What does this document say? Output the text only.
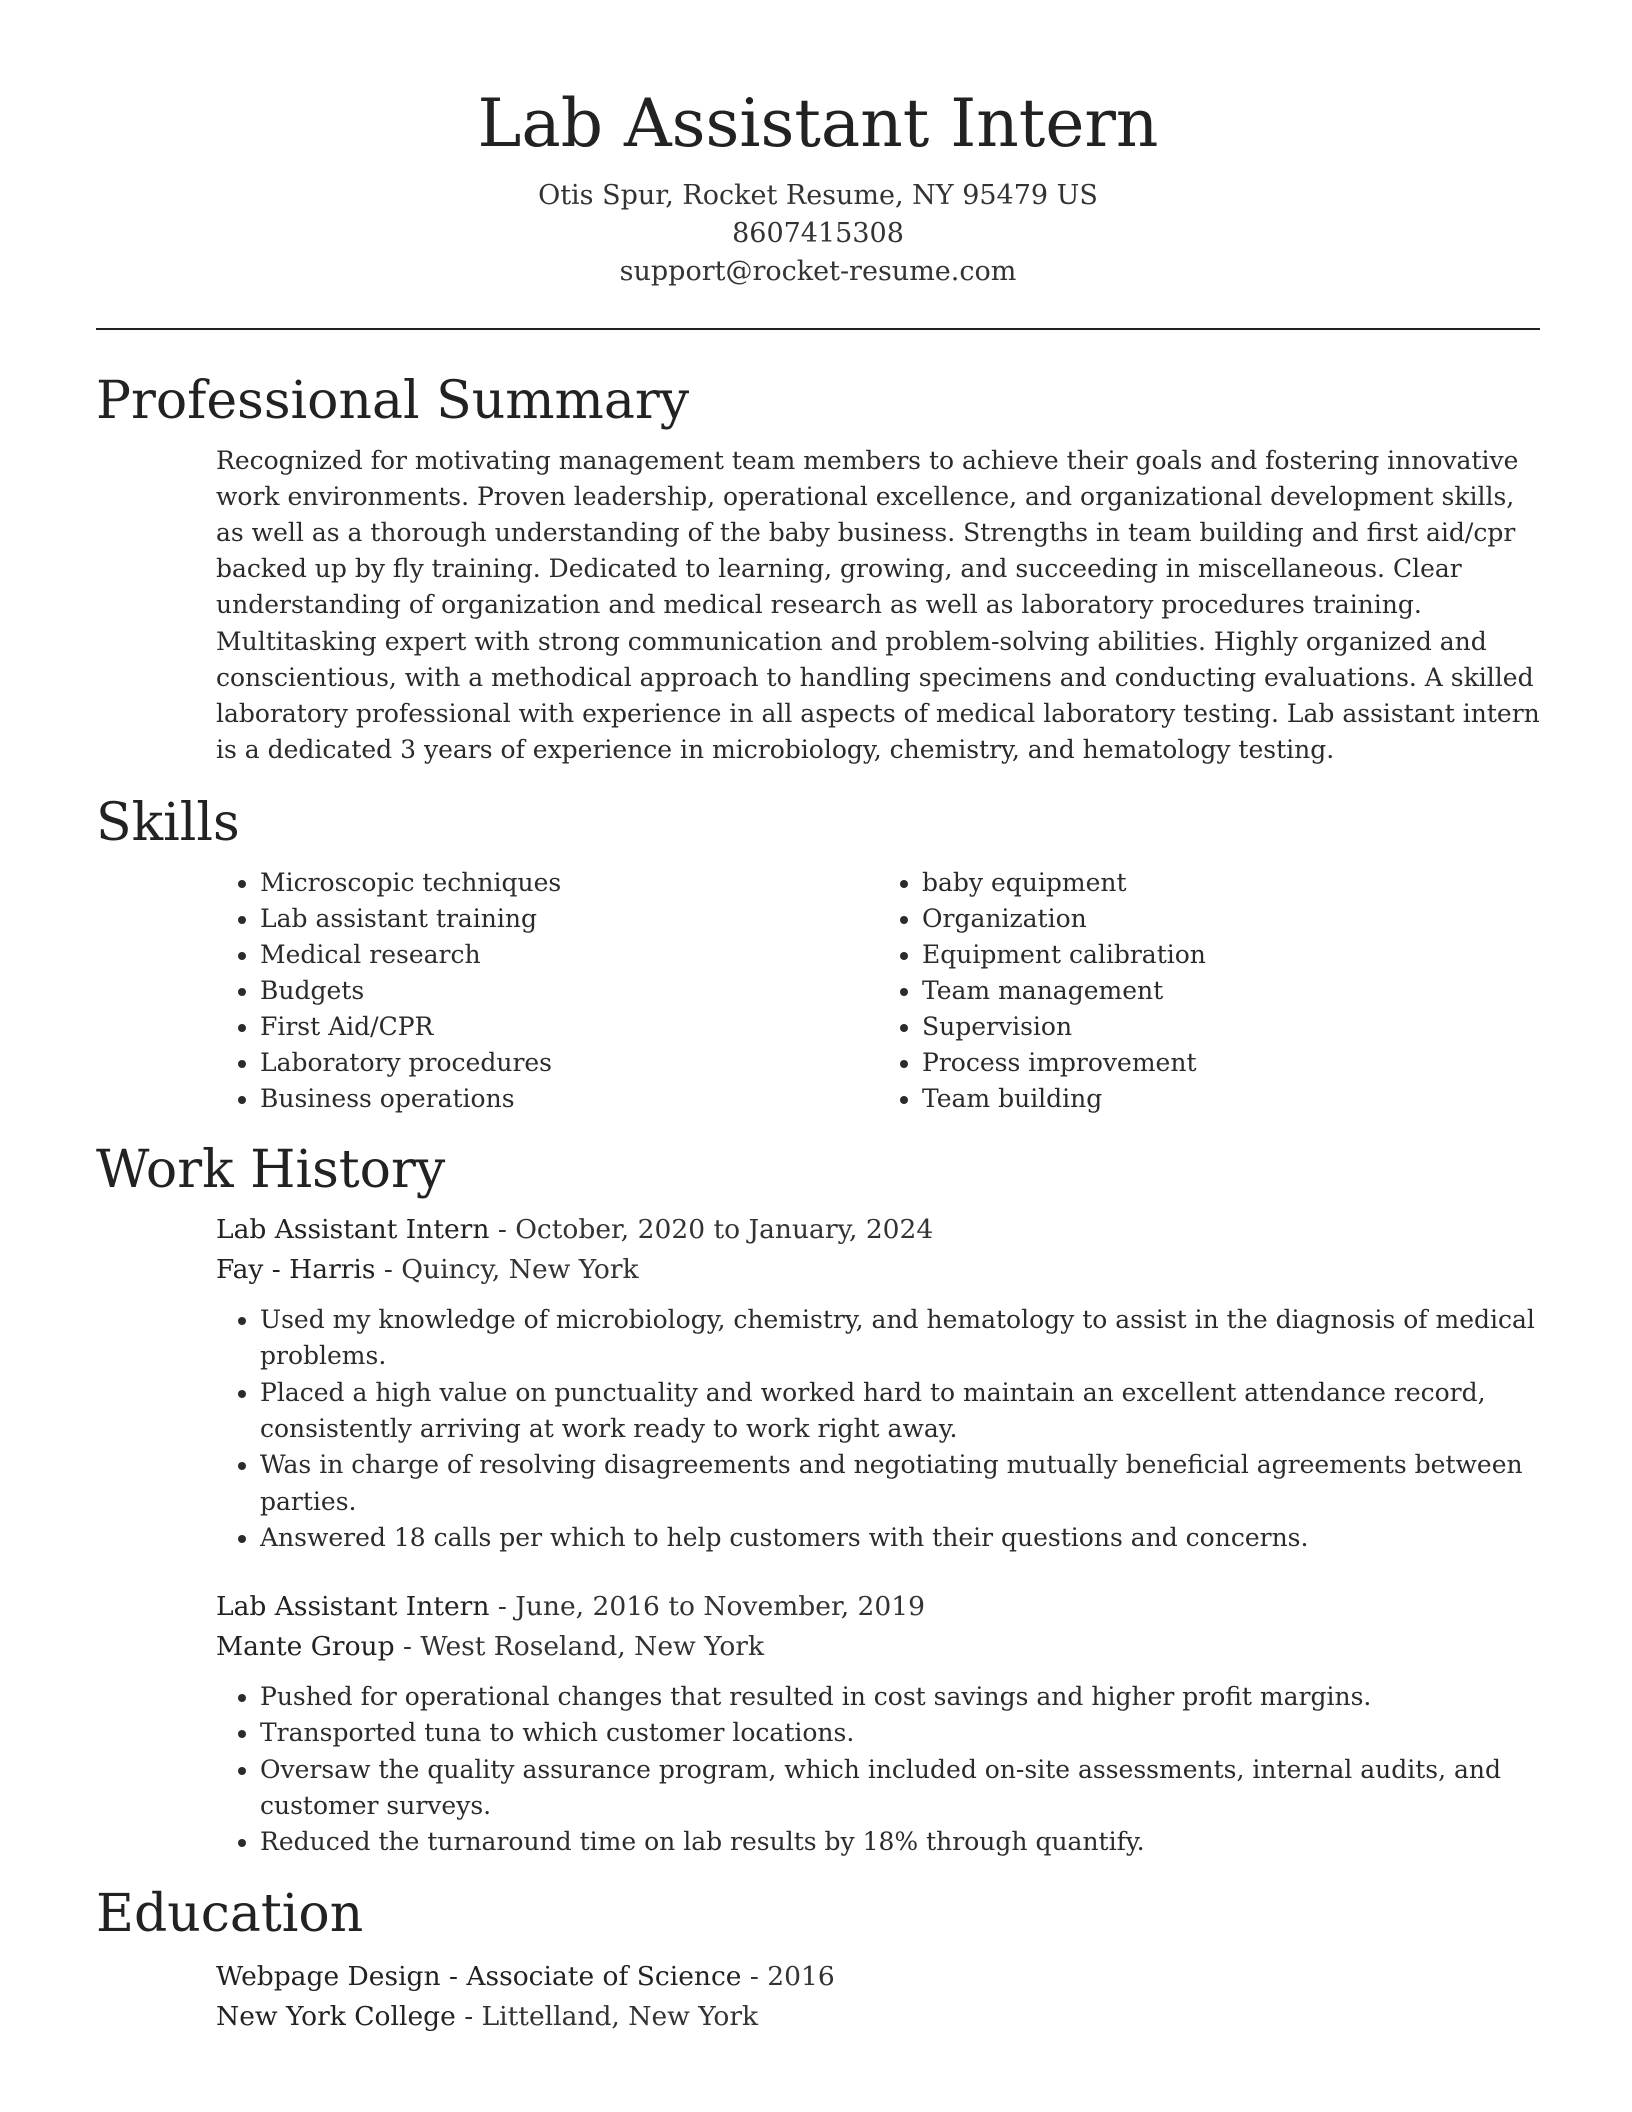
Lab Assistant Intern
Otis Spur, Rocket Resume, NY 95479 US
8607415308
support@rocket-resume.com
Professional Summary

Recognized for motivating management team members to achieve their goals and fostering innovative work environments. Proven leadership, operational excellence, and organizational development skills, as well as a thorough understanding of the baby business. Strengths in team building and first aid/cpr backed up by fly training. Dedicated to learning, growing, and succeeding in miscellaneous. Clear understanding of organization and medical research as well as laboratory procedures training. Multitasking expert with strong communication and problem-solving abilities. Highly organized and conscientious, with a methodical approach to handling specimens and conducting evaluations. A skilled laboratory professional with experience in all aspects of medical laboratory testing. Lab assistant intern is a dedicated 3 years of experience in microbiology, chemistry, and hematology testing.

Skills
• Microscopic techniques
• Lab assistant training
• Medical research
• Budgets
• First Aid/CPR
• Laboratory procedures
• Business operations
• baby equipment
• Organization
• Equipment calibration
• Team management
• Supervision
• Process improvement
• Team building
Work History
Lab Assistant Intern - October, 2020 to January, 2024
Fay - Harris - Quincy, New York
• Used my knowledge of microbiology, chemistry, and hematology to assist in the diagnosis of medical problems.
• Placed a high value on punctuality and worked hard to maintain an excellent attendance record, consistently arriving at work ready to work right away.
• Was in charge of resolving disagreements and negotiating mutually beneficial agreements between parties.
• Answered 18 calls per which to help customers with their questions and concerns.
Lab Assistant Intern - June, 2016 to November, 2019
Mante Group - West Roseland, New York
• Pushed for operational changes that resulted in cost savings and higher profit margins.
• Transported tuna to which customer locations.
• Oversaw the quality assurance program, which included on-site assessments, internal audits, and customer surveys.
• Reduced the turnaround time on lab results by 18% through quantify.
Education
Webpage Design - Associate of Science - 2016
New York College - Littelland, New York
